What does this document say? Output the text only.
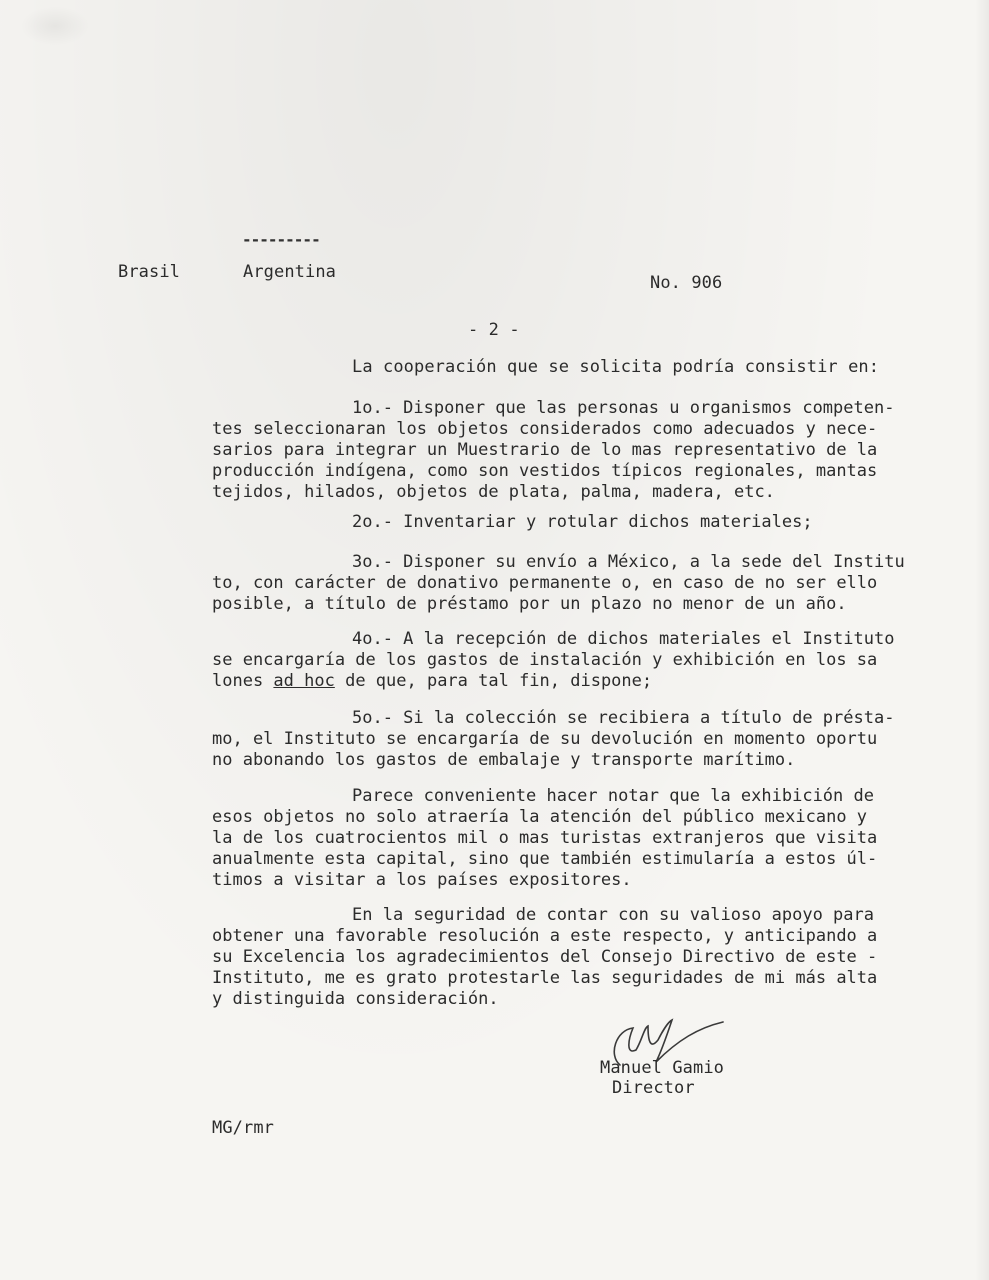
---------
Brasil	Argentina
No. 906
- 2 -
La cooperación que se solicita podría consistir en:
1o.- Disponer que las personas u organismos competen-
tes seleccionaran los objetos considerados como adecuados y nece-
sarios para integrar un Muestrario de lo mas representativo de la
producción indígena, como son vestidos típicos regionales, mantas
tejidos, hilados, objetos de plata, palma, madera, etc.
2o.- Inventariar y rotular dichos materiales;
3o.- Disponer su envío a México, a la sede del Institu
to, con carácter de donativo permanente o, en caso de no ser ello
posible, a título de préstamo por un plazo no menor de un año.
4o.- A la recepción de dichos materiales el Instituto
se encargaría de los gastos de instalación y exhibición en los sa
lones ad hoc de que, para tal fin, dispone;
5o.- Si la colección se recibiera a título de présta-
mo, el Instituto se encargaría de su devolución en momento oportu
no abonando los gastos de embalaje y transporte marítimo.
Parece conveniente hacer notar que la exhibición de
esos objetos no solo atraería la atención del público mexicano y
la de los cuatrocientos mil o mas turistas extranjeros que visita
anualmente esta capital, sino que también estimularía a estos úl-
timos a visitar a los países expositores.
En la seguridad de contar con su valioso apoyo para
obtener una favorable resolución a este respecto, y anticipando a
su Excelencia los agradecimientos del Consejo Directivo de este -
Instituto, me es grato protestarle las seguridades de mi más alta
y distinguida consideración.
Manuel Gamio
Director
MG/rmr
